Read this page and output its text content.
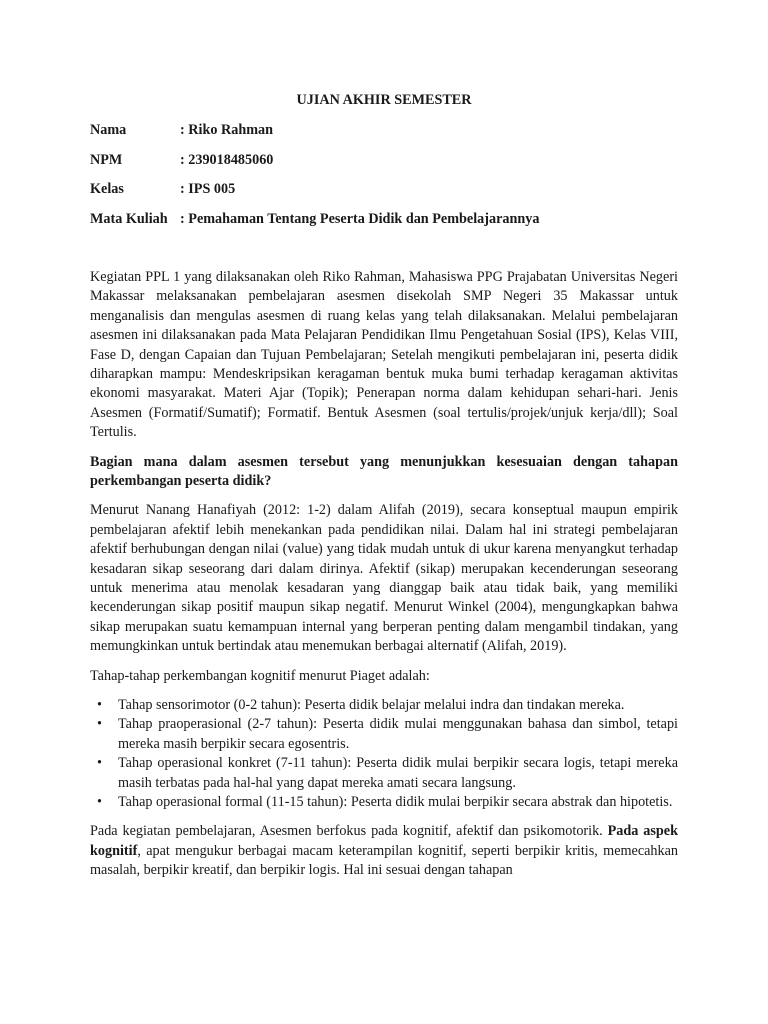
UJIAN AKHIR SEMESTER
Nama	: Riko Rahman
NPM	: 239018485060
Kelas	: IPS 005
Mata Kuliah : Pemahaman Tentang Peserta Didik dan Pembelajarannya

Kegiatan PPL 1 yang dilaksanakan oleh Riko Rahman, Mahasiswa PPG Prajabatan Universitas Negeri Makassar melaksanakan pembelajaran asesmen disekolah SMP Negeri 35 Makassar untuk menganalisis dan mengulas asesmen di ruang kelas yang telah dilaksanakan. Melalui pembelajaran asesmen ini dilaksanakan pada Mata Pelajaran Pendidikan Ilmu Pengetahuan Sosial (IPS), Kelas VIII, Fase D, dengan Capaian dan Tujuan Pembelajaran; Setelah mengikuti pembelajaran ini, peserta didik diharapkan mampu: Mendeskripsikan keragaman bentuk muka bumi terhadap keragaman aktivitas ekonomi masyarakat. Materi Ajar (Topik); Penerapan norma dalam kehidupan sehari-hari. Jenis Asesmen (Formatif/Sumatif); Formatif. Bentuk Asesmen (soal tertulis/projek/unjuk kerja/dll); Soal Tertulis.

Bagian mana dalam asesmen tersebut yang menunjukkan kesesuaian dengan tahapan perkembangan peserta didik?

Menurut Nanang Hanafiyah (2012: 1-2) dalam Alifah (2019), secara konseptual maupun empirik pembelajaran afektif lebih menekankan pada pendidikan nilai. Dalam hal ini strategi pembelajaran afektif berhubungan dengan nilai (value) yang tidak mudah untuk di ukur karena menyangkut terhadap kesadaran sikap seseorang dari dalam dirinya. Afektif (sikap) merupakan kecenderungan seseorang untuk menerima atau menolak kesadaran yang dianggap baik atau tidak baik, yang memiliki kecenderungan sikap positif maupun sikap negatif. Menurut Winkel (2004), mengungkapkan bahwa sikap merupakan suatu kemampuan internal yang berperan penting dalam mengambil tindakan, yang memungkinkan untuk bertindak atau menemukan berbagai alternatif (Alifah, 2019).

Tahap-tahap perkembangan kognitif menurut Piaget adalah:

• Tahap sensorimotor (0-2 tahun): Peserta didik belajar melalui indra dan tindakan mereka.
• Tahap praoperasional (2-7 tahun): Peserta didik mulai menggunakan bahasa dan simbol, tetapi mereka masih berpikir secara egosentris.
• Tahap operasional konkret (7-11 tahun): Peserta didik mulai berpikir secara logis, tetapi mereka masih terbatas pada hal-hal yang dapat mereka amati secara langsung.
• Tahap operasional formal (11-15 tahun): Peserta didik mulai berpikir secara abstrak dan hipotetis.

Pada kegiatan pembelajaran, Asesmen berfokus pada kognitif, afektif dan psikomotorik. Pada aspek kognitif, apat mengukur berbagai macam keterampilan kognitif, seperti berpikir kritis, memecahkan masalah, berpikir kreatif, dan berpikir logis. Hal ini sesuai dengan tahapan
